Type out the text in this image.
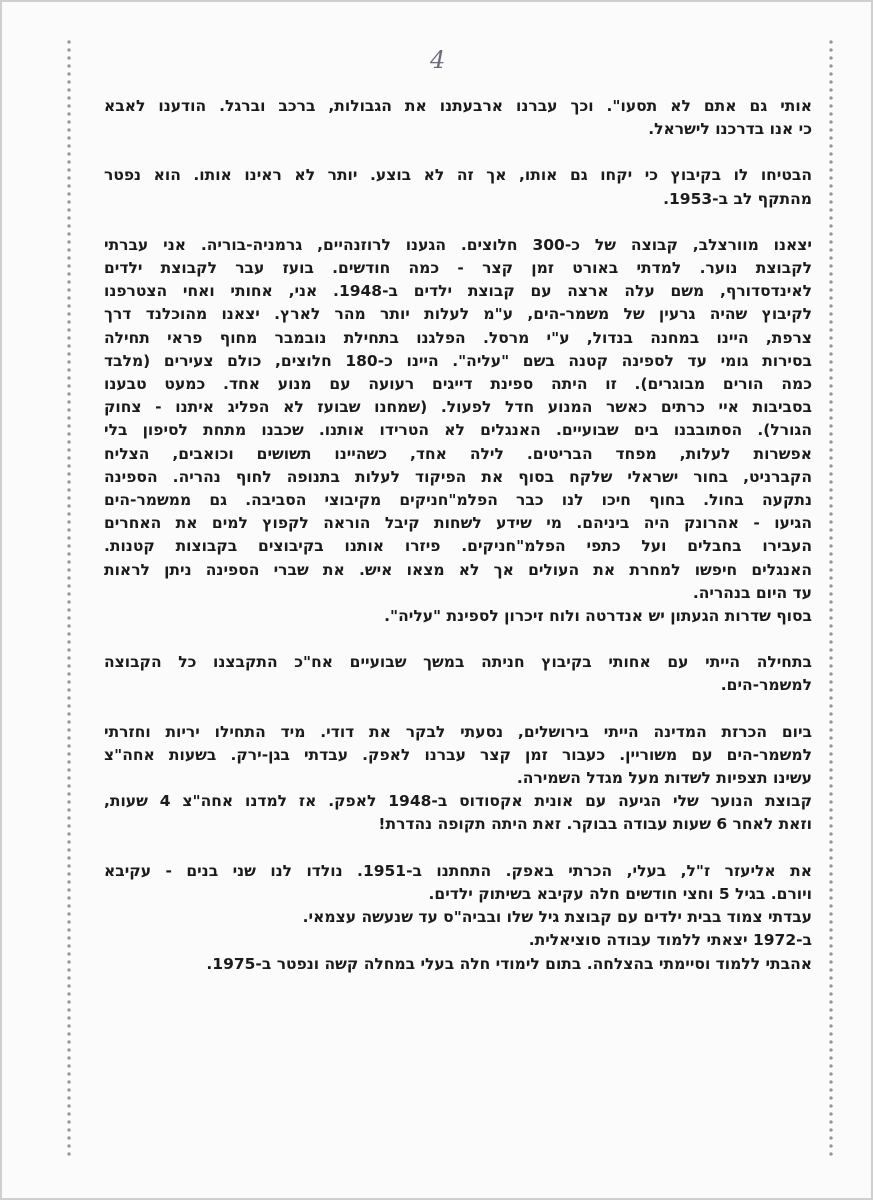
4

אותי גם אתם לא תסעו". וכך עברנו ארבעתנו את הגבולות, ברכב וברגל. הודענו לאבא
כי אנו בדרכנו לישראל.

הבטיחו לו בקיבוץ כי יקחו גם אותו, אך זה לא בוצע. יותר לא ראינו אותו. הוא נפטר
מהתקף לב ב-1953.

יצאנו מוורצלב, קבוצה של כ-300 חלוצים. הגענו לרוזנהיים, גרמניה-בוריה. אני עברתי
לקבוצת נוער. למדתי באורט זמן קצר - כמה חודשים. בועז עבר לקבוצת ילדים
לאינדסדורף, משם עלה ארצה עם קבוצת ילדים ב-1948. אני, אחותי ואחי הצטרפנו
לקיבוץ שהיה גרעין של משמר-הים, ע"מ לעלות יותר מהר לארץ. יצאנו מהוכלנד דרך
צרפת, היינו במחנה בנדול, ע"י מרסל. הפלגנו בתחילת נובמבר מחוף פראי תחילה
בסירות גומי עד לספינה קטנה בשם "עליה". היינו כ-180 חלוצים, כולם צעירים (מלבד
כמה הורים מבוגרים). זו היתה ספינת דייגים רעועה עם מנוע אחד. כמעט טבענו
בסביבות איי כרתים כאשר המנוע חדל לפעול. (שמחנו שבועז לא הפליג איתנו - צחוק
הגורל). הסתובבנו בים שבועיים. האנגלים לא הטרידו אותנו. שכבנו מתחת לסיפון בלי
אפשרות לעלות, מפחד הבריטים. לילה אחד, כשהיינו תשושים וכואבים, הצליח
הקברניט, בחור ישראלי שלקח בסוף את הפיקוד לעלות בתנופה לחוף נהריה. הספינה
נתקעה בחול. בחוף חיכו לנו כבר הפלמ"חניקים מקיבוצי הסביבה. גם ממשמר-הים
הגיעו - אהרונק היה ביניהם. מי שידע לשחות קיבל הוראה לקפוץ למים את האחרים
העבירו בחבלים ועל כתפי הפלמ"חניקים. פיזרו אותנו בקיבוצים בקבוצות קטנות.
האנגלים חיפשו למחרת את העולים אך לא מצאו איש. את שברי הספינה ניתן לראות
עד היום בנהריה.

בסוף שדרות הגעתון יש אנדרטה ולוח זיכרון לספינת "עליה".

בתחילה הייתי עם אחותי בקיבוץ חניתה במשך שבועיים אח"כ התקבצנו כל הקבוצה
למשמר-הים.

ביום הכרזת המדינה הייתי בירושלים, נסעתי לבקר את דודי. מיד התחילו יריות וחזרתי
למשמר-הים עם משוריין. כעבור זמן קצר עברנו לאפק. עבדתי בגן-ירק. בשעות אחה"צ
עשינו תצפיות לשדות מעל מגדל השמירה.

קבוצת הנוער שלי הגיעה עם אונית אקסודוס ב-1948 לאפק. אז למדנו אחה"צ 4 שעות,
וזאת לאחר 6 שעות עבודה בבוקר. זאת היתה תקופה נהדרת!

את אליעזר ז"ל, בעלי, הכרתי באפק. התחתנו ב-1951. נולדו לנו שני בנים - עקיבא
ויורם. בגיל 5 וחצי חודשים חלה עקיבא בשיתוק ילדים.

עבדתי צמוד בבית ילדים עם קבוצת גיל שלו ובביה"ס עד שנעשה עצמאי.

ב-1972 יצאתי ללמוד עבודה סוציאלית.

אהבתי ללמוד וסיימתי בהצלחה. בתום לימודי חלה בעלי במחלה קשה ונפטר ב-1975.
